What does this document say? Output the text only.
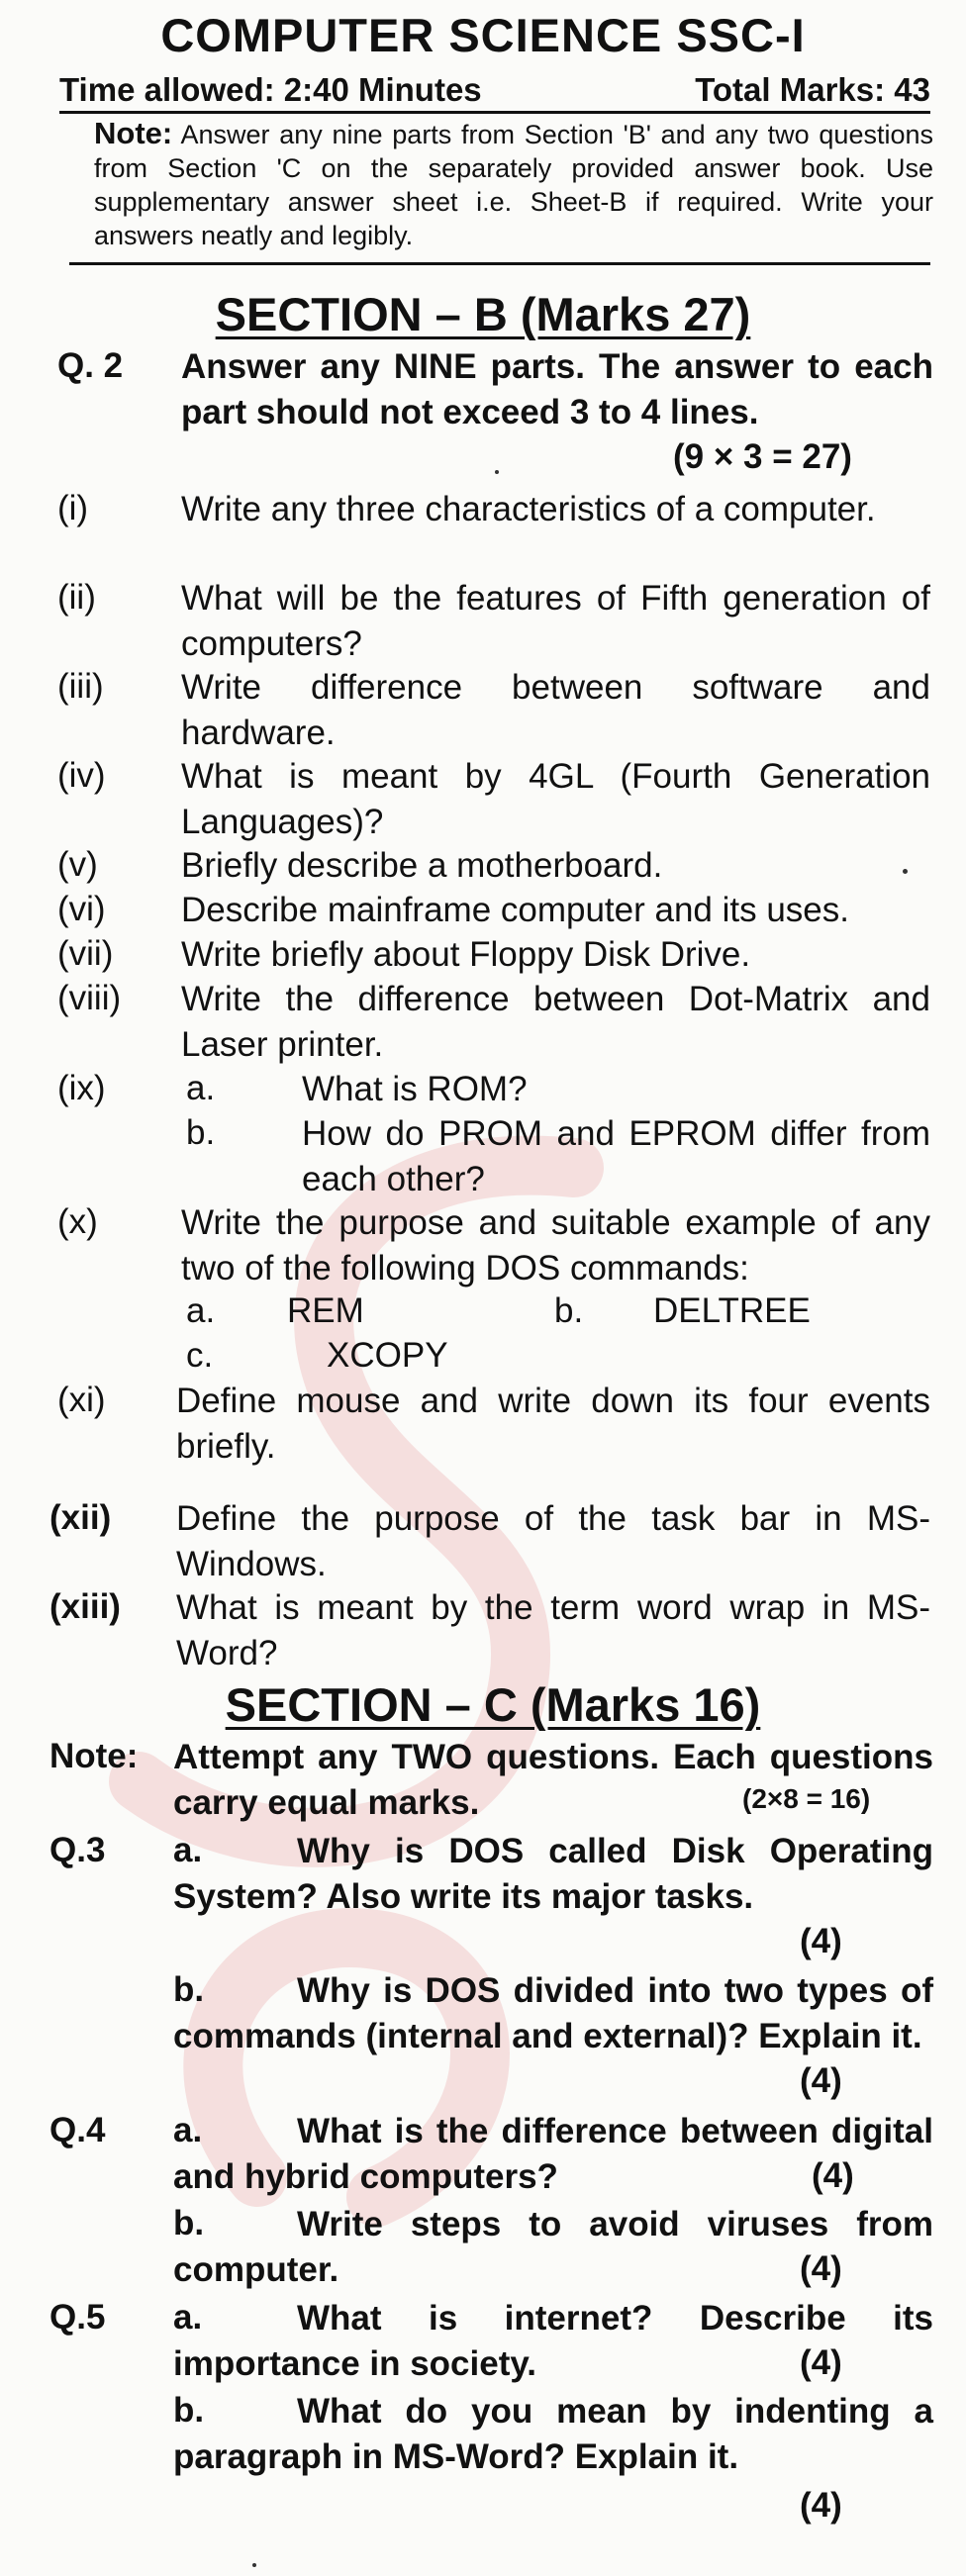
COMPUTER SCIENCE SSC-I
Time allowed: 2:40 Minutes	Total Marks: 43
Note: Answer any nine parts from Section 'B' and any two questions from Section 'C on the separately provided answer book. Use supplementary answer sheet i.e. Sheet-B if required. Write your answers neatly and legibly.
SECTION – B (Marks 27)
Q. 2 Answer any NINE parts. The answer to each part should not exceed 3 to 4 lines.
(9 × 3 = 27)
(i)	Write any three characteristics of a computer.
(ii) What will be the features of Fifth generation of computers?
(iii) Write difference between software and hardware.
(iv) What is meant by 4GL (Fourth Generation Languages)?
(v) Briefly describe a motherboard.
(vi) Describe mainframe computer and its uses.
(vii) Write briefly about Floppy Disk Drive.
(viii) Write the difference between Dot-Matrix and Laser printer.
(ix) a.	What is ROM?
b.	How do PROM and EPROM differ from each other?
(x) Write the purpose and suitable example of any two of the following DOS commands:
a. REM	b. DELTREE
c.	XCOPY
(xi) Define mouse and write down its four events briefly.
(xii) Define the purpose of the task bar in MS-Windows.
(xiii) What is meant by the term word wrap in MS-Word?
SECTION – C (Marks 16)
Note: Attempt any TWO questions. Each questions carry equal marks.	(2×8 = 16)
Q.3	Why is DOS called Disk Operating System? Also write its major tasks.
a.
(4)
b.	Why is DOS divided into two types of commands (internal and external)? Explain it.
(4)
Q.4 a.	What is the difference between digital and hybrid computers?	(4)
b.	Write steps to avoid viruses from computer.	(4)
Q.5 a.	What is internet? Describe its importance in society.	(4)
b.	What do you mean by indenting a paragraph in MS-Word? Explain it.
(4)
